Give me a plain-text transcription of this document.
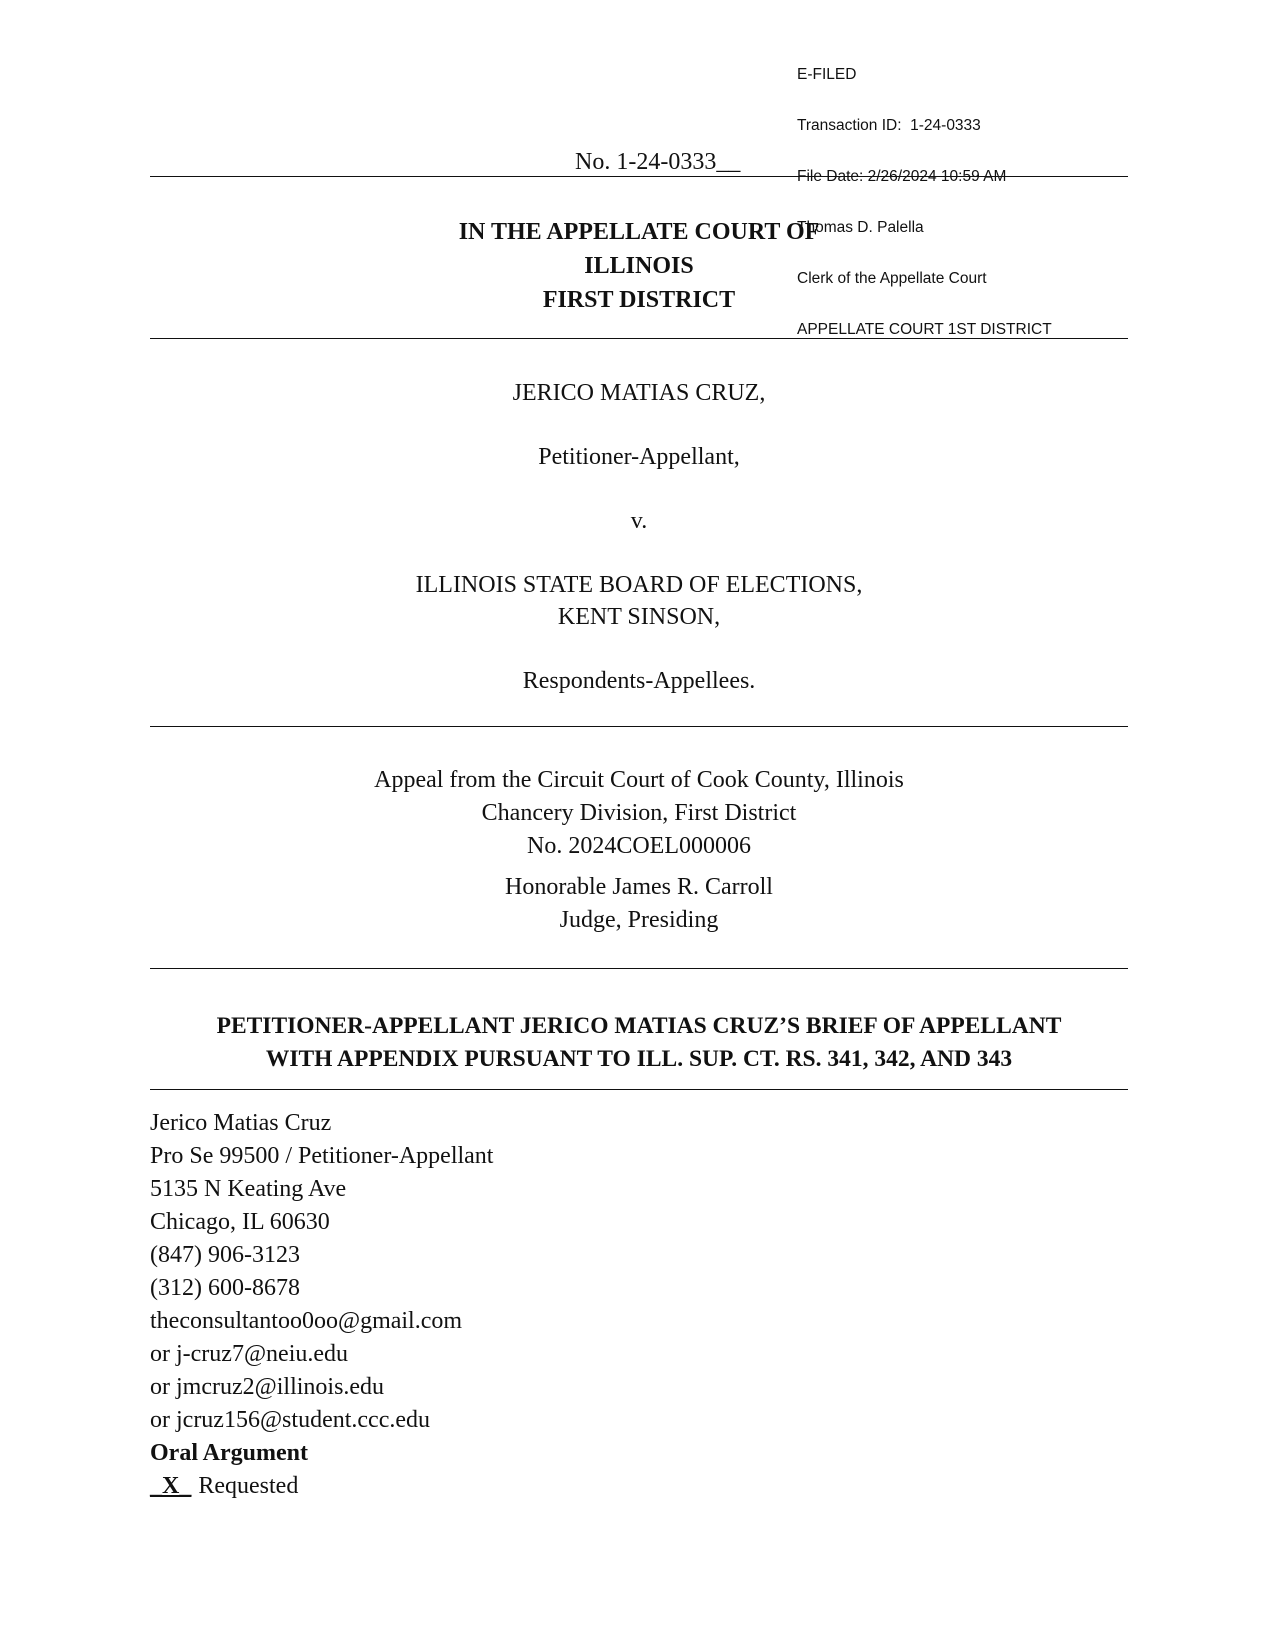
E-FILED

Transaction ID:  1-24-0333

File Date: 2/26/2024 10:59 AM

Thomas D. Palella

Clerk of the Appellate Court

APPELLATE COURT 1ST DISTRICT

No. 1-24-0333__
IN THE APPELLATE COURT OF
ILLINOIS
FIRST DISTRICT

JERICO MATIAS CRUZ,

Petitioner-Appellant,

v.

ILLINOIS STATE BOARD OF ELECTIONS,

KENT SINSON,

Respondents-Appellees.

Appeal from the Circuit Court of Cook County, Illinois
Chancery Division, First District
No. 2024COEL000006
Honorable James R. Carroll
Judge, Presiding
PETITIONER-APPELLANT JERICO MATIAS CRUZ’S BRIEF OF APPELLANT
WITH APPENDIX PURSUANT TO ILL. SUP. CT. RS. 341, 342, AND 343
Jerico Matias Cruz
Pro Se 99500 / Petitioner-Appellant
5135 N Keating Ave
Chicago, IL 60630
(847) 906-3123
(312) 600-8678
theconsultantoo0oo@gmail.com
or j-cruz7@neiu.edu
or jmcruz2@illinois.edu
or jcruz156@student.ccc.edu
Oral Argument
_X_ Requested
